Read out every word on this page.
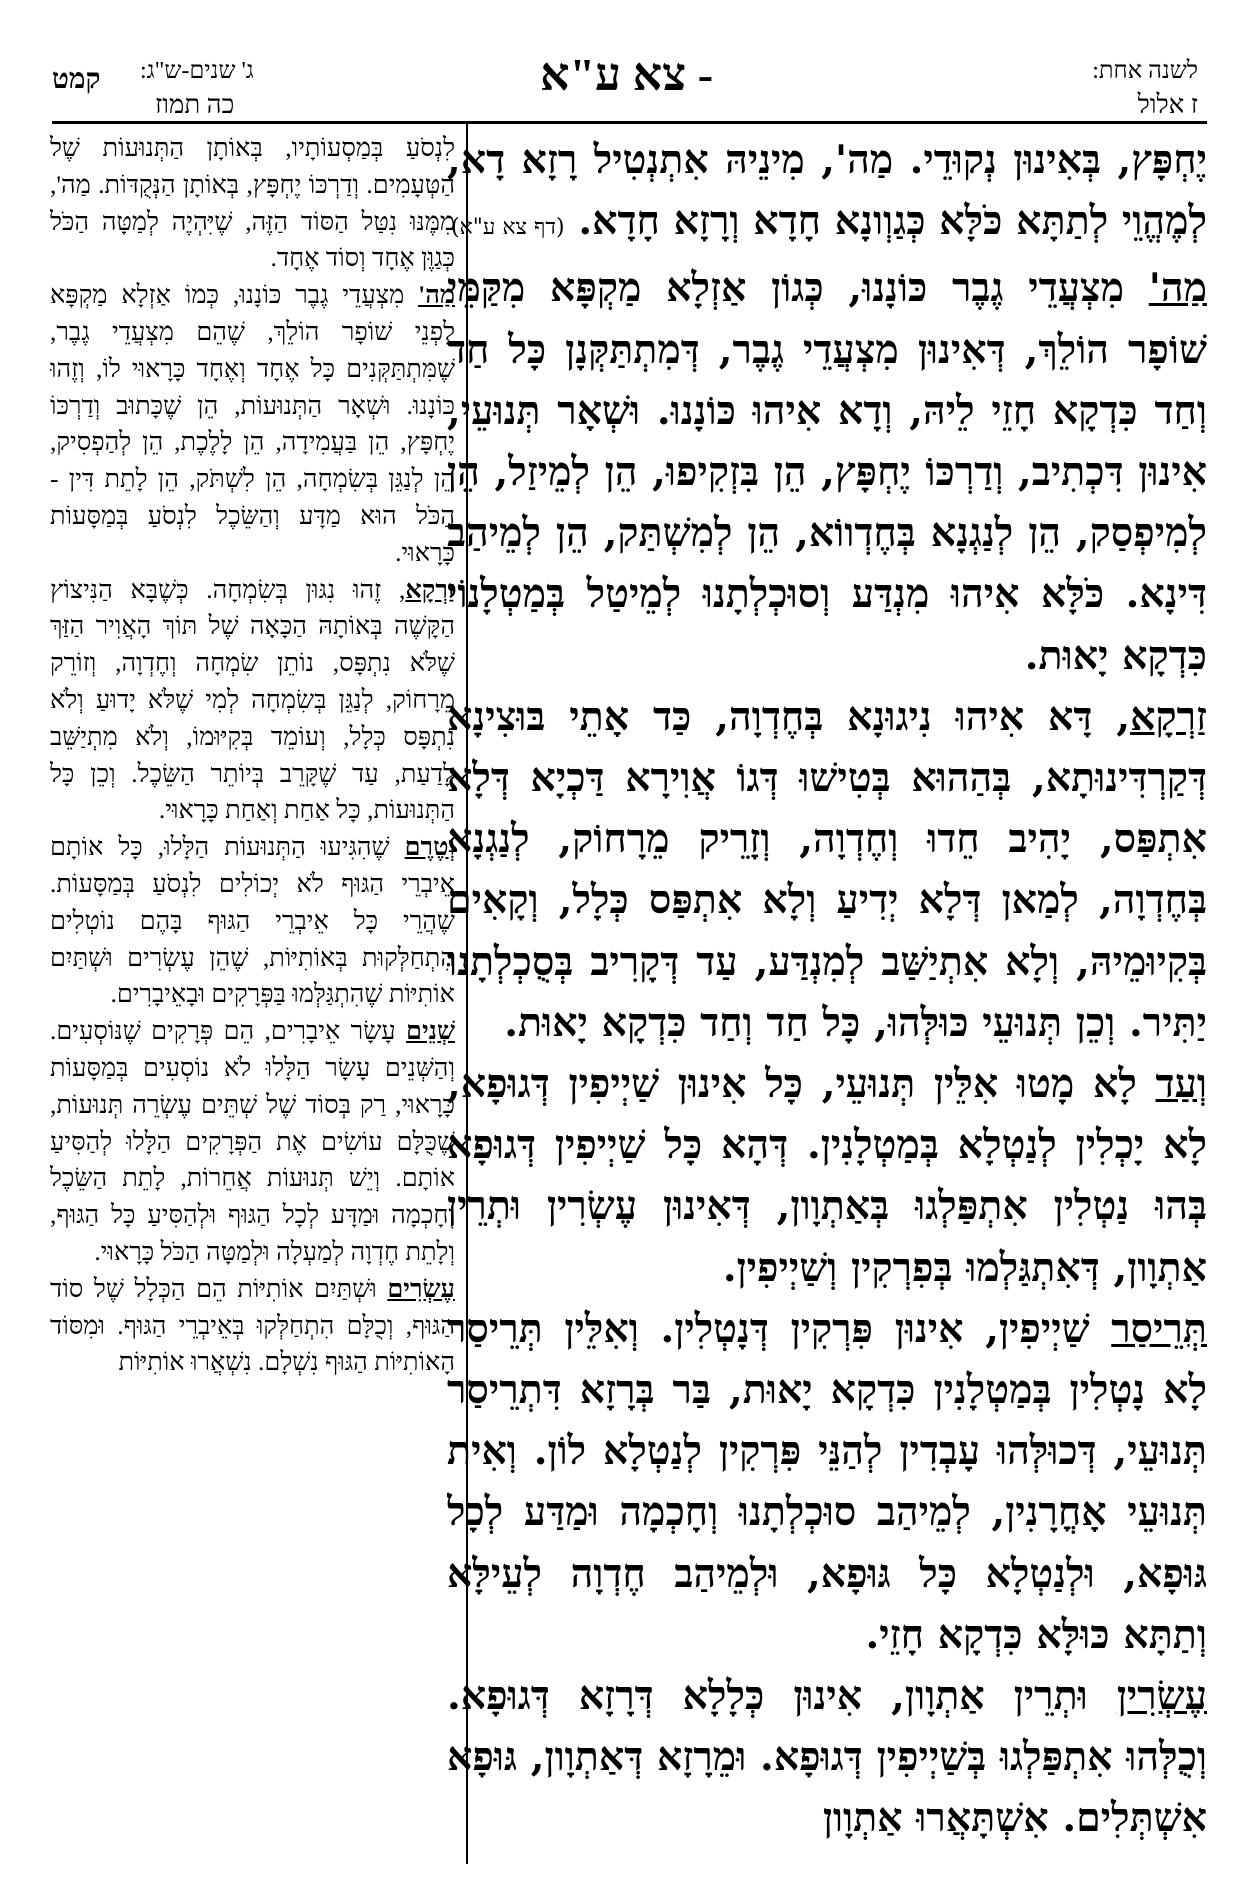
לשנה אחת:
ז אלול
- צא ע"א
ג' שנים-ש"ג:
כה תמוז
קמט

יֶחְפָּץ, בְּאִינוּן נְקוּדֵי. מַה', מִינֵיהּ אִתְנְטִיל רָזָא דָא, לְמֶהֱוֵי לְתַתָּא כֹּלָּא כְּגַוְונָא חָדָא וְרָזָא חָדָא. (דף צא ע"א)

מַה' מִצְעֲדֵי גֶבֶר כּוֹנָנוּ, כְּגוֹן אַזְלָא מַקְפָּא מִקַּמֵּי שׁוֹפָר הוֹלֵךְ, דְּאִינוּן מִצְעֲדֵי גֶבֶר, דְּמִתְתַּקְּנָן כָּל חַד וְחַד כִּדְקָא חָזֵי לֵיהּ, וְדָא אִיהוּ כּוֹנָנוּ. וּשְׁאָר תְּנוּעֵי, אִינוּן דִּכְתִיב, וְדַרְכּוֹ יֶחְפָּץ, הֵן בִּזְקִיפוּ, הֵן לְמֵיזַל, הֵן לְמִיפְסַק, הֵן לְנַגְנָא בְּחֶדְווֹא, הֵן לְמִשְׁתַּק, הֵן לְמֵיהַב דִּינָא. כֹּלָּא אִיהוּ מִנְדַּע וְסוּכְלְתָנוּ לְמֵיטַל בְּמַטְלָנוֹי כִּדְקָא יָאוּת.

זַרְקָא, דָּא אִיהוּ נִיגוּנָא בְּחֶדְוָה, כַּד אָתֵי בּוּצִינָא דְּקַרְדִּינוּתָא, בְּהַהוּא בְּטִישׁוּ דְּגוֹ אֲוִירָא דַּכְיָא דְּלָא אִתְפַּס, יָהִיב חֵדוּ וְחֶדְוָה, וְזָרֵיק מֵרָחוֹק, לְנַגְנָא בְּחֶדְוָה, לְמַאן דְּלָא יְדִיעַ וְלָא אִתְפַּס כְּלָל, וְקָאִים בְּקִיוּמֵיהּ, וְלָא אִתְיַשַּׁב לְמִנְדַּע, עַד דְּקָרִיב בְּסֻכְלְתָנוּ יַתִּיר. וְכֵן תְּנוּעֵי כּוּלְּהוּ, כָּל חַד וְחַד כִּדְקָא יָאוּת.

וְעַד לָא מָטוּ אִלֵּין תְּנוּעֵי, כָּל אִינוּן שַׁיְיפִין דְּגוּפָא, לָא יָכְלִין לְנַטְלָא בְּמַטְלָנִין. דְּהָא כָּל שַׁיְיפִין דְּגוּפָא בְּהוּ נַטְלִין אִתְפַּלְגוּ בְּאַתְוָון, דְּאִינוּן עֶשְׂרִין וּתְרֵין אַתְוָון, דְּאִתְגַּלְמוּ בְּפִרְקִין וְשַׁיְיפִין.

תְּרֵיסַר שַׁיְיפִין, אִינוּן פִּרְקִין דְּנָטְלִין. וְאִלֵּין תְּרֵיסַר לָא נָטְלִין בְּמַטְלָנִין כִּדְקָא יָאוּת, בַּר בְּרָזָא דִּתְרֵיסַר תְּנוּעֵי, דְּכוּלְּהוּ עָבְדִין לְהַנֵּי פִּרְקִין לְנַטְלָא לוֹן. וְאִית תְּנוּעֵי אָחֳרָנִין, לְמֵיהַב סוּכְלְתָנוּ וְחָכְמָה וּמַדַּע לְכָל גּוּפָא, וּלְנַטְלָא כָּל גּוּפָא, וּלְמֵיהַב חֶדְוָה לְעֵילָּא וְתַתָּא כּוּלָּא כִּדְקָא חָזֵי.

עֶשְׂרִין וּתְרֵין אַתְוָון, אִינוּן כְּלָלָא דְּרָזָא דְּגוּפָא. וְכֻלְּהוּ אִתְפַּלְגוּ בְּשַׁיְיפִין דְּגוּפָא. וּמֵרָזָא דְּאַתְוָון, גּוּפָא אִשְׁתְּלִים. אִשְׁתָּאֲרוּ אַתְוָון

לִנְסֹעַ בְּמַסְעוֹתָיו, בְּאוֹתָן הַתְּנוּעוֹת שֶׁל הַטְּעָמִים. וְדַרְכּוֹ יֶחְפָּץ, בְּאוֹתָן הַנְּקֻדּוֹת. מַה', מִמֶּנּוּ נִטַּל הַסּוֹד הַזֶּה, שֶׁיִּהְיֶה לְמַטָּה הַכֹּל כְּגַוֶּן אֶחָד וְסוֹד אֶחָד.

מַה' מִצְעֲדֵי גֶבֶר כּוֹנָנוּ, כְּמוֹ אַזְלָא מַקְפָּא לִפְנֵי שׁוֹפָר הוֹלֵךְ, שֶׁהֵם מִצְעֲדֵי גֶבֶר, שֶׁמִּתְתַּקְּנִים כָּל אֶחָד וְאֶחָד כָּרָאוּי לוֹ, וְזֶהוּ כּוֹנָנוּ. וּשְׁאָר הַתְּנוּעוֹת, הֵן שֶׁכָּתוּב וְדַרְכּוֹ יֶחְפָּץ, הֵן בַּעֲמִידָה, הֵן לָלֶכֶת, הֵן לְהַפְסִיק, הֵן לְנַגֵּן בְּשִׂמְחָה, הֵן לִשְׁתֹּק, הֵן לָתֵת דִּין - הַכֹּל הוּא מַדָּע וְהַשֵּׂכֶל לִנְסֹעַ בְּמַסָּעוֹת כָּרָאוּי.

זַרְקָא, זֶהוּ נִגּוּן בְּשִׂמְחָה. כְּשֶׁבָּא הַנִּיצוֹץ הַקָּשֶׁה בְּאוֹתָהּ הַכָּאָה שֶׁל תּוֹךְ הָאֲוִיר הַזַּךְ שֶׁלֹּא נִתְפָּס, נוֹתֵן שִׂמְחָה וְחֶדְוָה, וְזוֹרֵק מֵרָחוֹק, לְנַגֵּן בְּשִׂמְחָה לְמִי שֶׁלֹּא יָדוּעַ וְלֹא נִתְפָּס כְּלָל, וְעוֹמֵד בְּקִיּוּמוֹ, וְלֹא מִתְיַשֵּׁב לָדַעַת, עַד שֶׁקָּרֵב בְּיוֹתֵר הַשֵּׂכֶל. וְכֵן כָּל הַתְּנוּעוֹת, כָּל אַחַת וְאַחַת כָּרָאוּי.

וְטֶרֶם שֶׁהִגִּיעוּ הַתְּנוּעוֹת הַלָּלוּ, כָּל אוֹתָם אֵיבְרֵי הַגּוּף לֹא יְכוֹלִים לִנְסֹעַ בְּמַסָּעוֹת. שֶׁהֲרֵי כָּל אֵיבְרֵי הַגּוּף בָּהֶם נוֹטְלִים הִתְחַלְּקוּת בְּאוֹתִיּוֹת, שֶׁהֵן עֶשְׂרִים וּשְׁתַּיִם אוֹתִיּוֹת שֶׁהִתְגַּלְּמוּ בַּפְּרָקִים וּבָאֵיבָרִים.

שְׁנֵים עָשָׂר אֵיבָרִים, הֵם פְּרָקִים שֶׁנּוֹסְעִים. וְהַשְּׁנֵים עָשָׂר הַלָּלוּ לֹא נוֹסְעִים בְּמַסָּעוֹת כָּרָאוּי, רַק בְּסוֹד שֶׁל שְׁתֵּים עֶשְׂרֵה תְּנוּעוֹת, שֶׁכֻּלָּם עוֹשִׂים אֶת הַפְּרָקִים הַלָּלוּ לְהַסִּיעַ אוֹתָם. וְיֵשׁ תְּנוּעוֹת אֲחֵרוֹת, לָתֵת הַשֵּׂכֶל וְחָכְמָה וּמַדָּע לְכָל הַגּוּף וּלְהַסִּיעַ כָּל הַגּוּף, וְלָתֵת חֶדְוָה לְמַעְלָה וּלְמַטָּה הַכֹּל כָּרָאוּי.

עֶשְׂרִים וּשְׁתַּיִם אוֹתִיּוֹת הֵם הַכְּלָל שֶׁל סוֹד הַגּוּף, וְכֻלָּם הִתְחַלְּקוּ בְּאֵיבְרֵי הַגּוּף. וּמִסּוֹד הָאוֹתִיּוֹת הַגּוּף נִשְׁלָם. נִשְׁאֲרוּ אוֹתִיּוֹת
